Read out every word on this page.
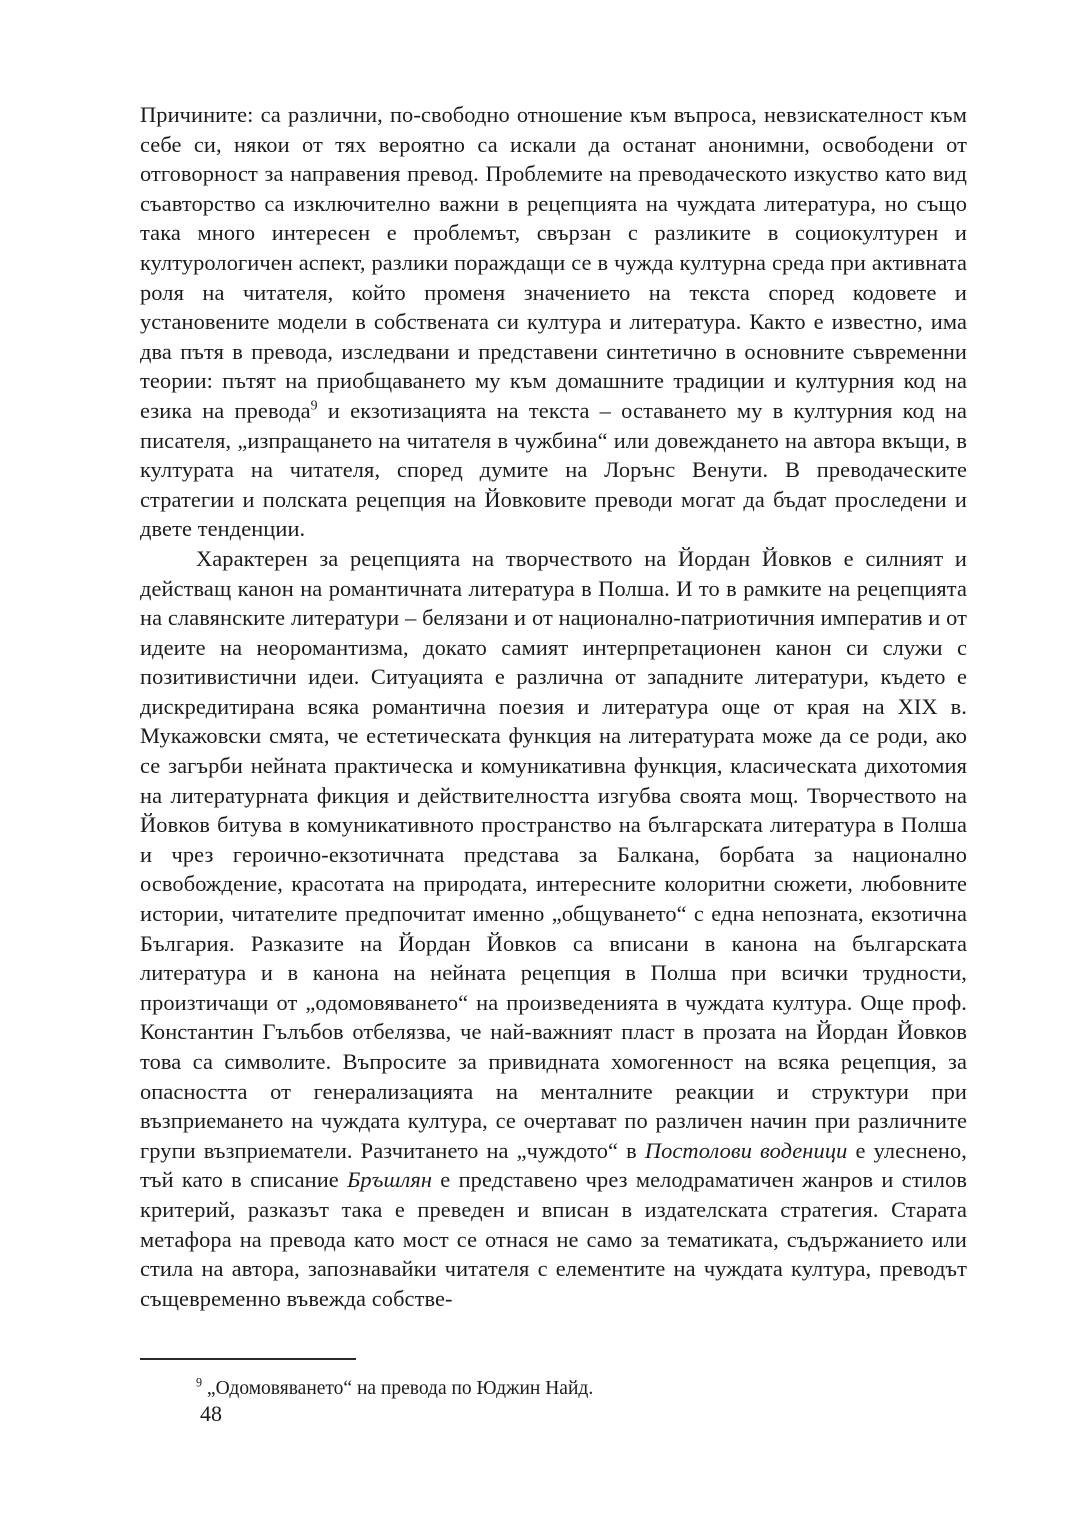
Причините: са различни, по-свободно отношение към въпроса, невзискателност към себе си, някои от тях вероятно са искали да останат анонимни, освободени от отговорност за направения превод. Проблемите на преводаческото изкуство като вид съавторство са изключително важни в рецепцията на чуждата литература, но също така много интересен е проблемът, свързан с разликите в социокултурен и културологичен аспект, разлики пораждащи се в чужда културна среда при активната роля на читателя, който променя значението на текста според кодовете и установените модели в собствената си култура и литература. Както е известно, има два пътя в превода, изследвани и представени синтетично в основните съвременни теории: пътят на приобщаването му към домашните традиции и културния код на езика на превода$^9$ и екзотизацията на текста – оставането му в културния код на писателя, „изпращането на читателя в чужбина“ или довеждането на автора вкъщи, в културата на читателя, според думите на Лорънс Венути. В преводаческите стратегии и полската рецепция на Йовковите преводи могат да бъдат проследени и двете тенденции.

Характерен за рецепцията на творчеството на Йордан Йовков е силният и действащ канон на романтичната литература в Полша. И то в рамките на рецепцията на славянските литератури – белязани и от национално-патриотичния императив и от идеите на неоромантизма, докато самият интерпретационен канон си служи с позитивистични идеи. Ситуацията е различна от западните литератури, където е дискредитирана всяка романтична поезия и литература още от края на XIX в. Мукажовски смята, че естетическата функция на литературата може да се роди, ако се загърби нейната практическа и комуникативна функция, класическата дихотомия на литературната фикция и действителността изгубва своята мощ. Творчеството на Йовков битува в комуникативното пространство на българската литература в Полша и чрез героично-екзотичната представа за Балкана, борбата за национално освобождение, красотата на природата, интересните колоритни сюжети, любовните истории, читателите предпочитат именно „общуването“ с една непозната, екзотична България. Разказите на Йордан Йовков са вписани в канона на българската литература и в канона на нейната рецепция в Полша при всички трудности, произтичащи от „одомовяването“ на произведенията в чуждата култура. Още проф. Константин Гълъбов отбелязва, че най-важният пласт в прозата на Йордан Йовков това са символите. Въпросите за привидната хомогенност на всяка рецепция, за опасността от генерализацията на менталните реакции и структури при възприемането на чуждата култура, се очертават по различен начин при различните групи възприематели. Разчитането на „чуждото“ в Постолови воденици е улеснено, тъй като в списание Бръшлян е представено чрез мелодраматичен жанров и стилов критерий, разказът така е преведен и вписан в издателската стратегия. Старата метафора на превода като мост се отнася не само за тематиката, съдържанието или стила на автора, запознавайки читателя с елементите на чуждата култура, преводът същевременно въвежда собстве-

$^9$ „Одомовяването“ на превода по Юджин Найд.

48
